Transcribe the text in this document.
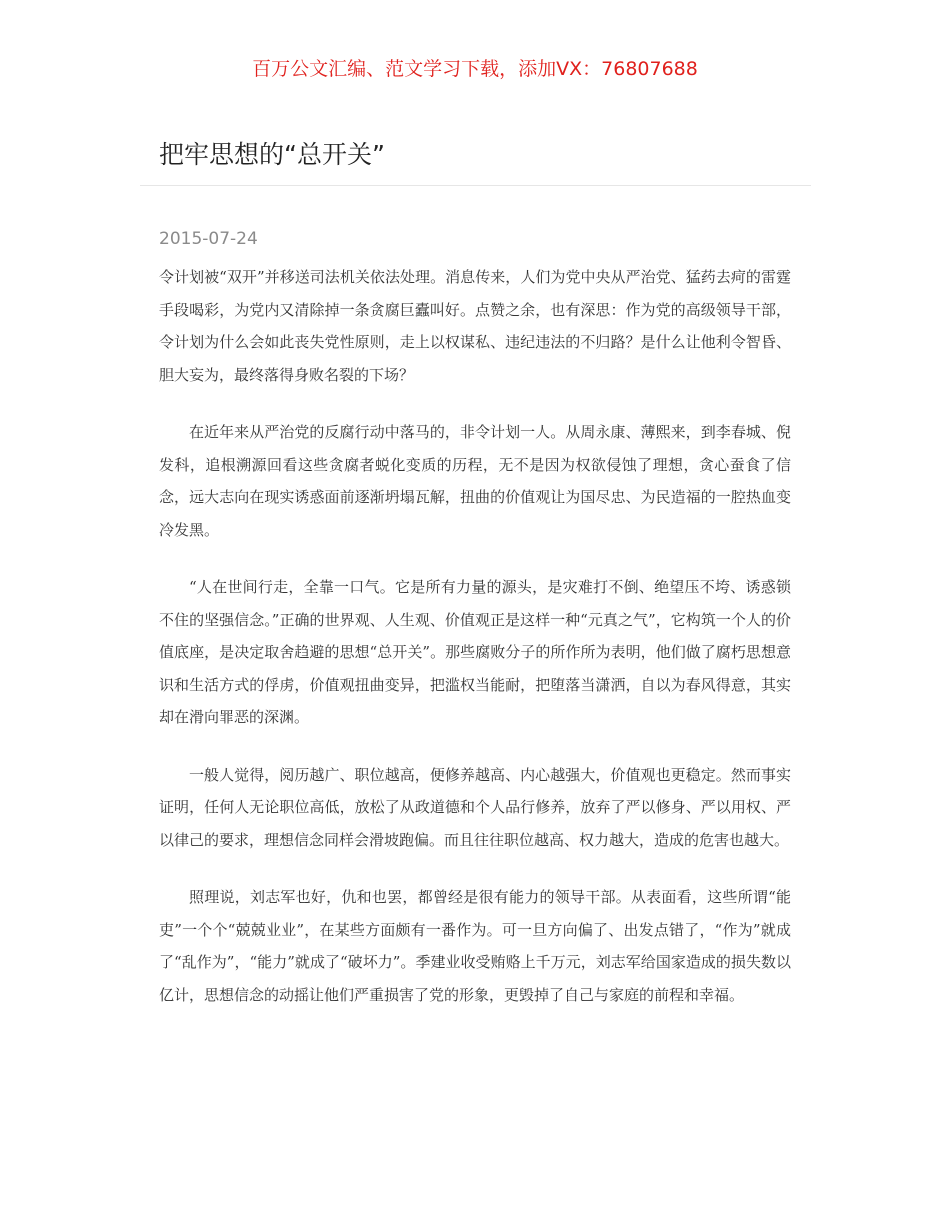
百万公文汇编、范文学习下载，添加VX：76807688
把牢思想的“总开关”
2015-07-24

令计划被“双开”并移送司法机关依法处理。消息传来，人们为党中央从严治党、猛药去疴的雷霆手段喝彩，为党内又清除掉一条贪腐巨蠹叫好。点赞之余，也有深思：作为党的高级领导干部，令计划为什么会如此丧失党性原则，走上以权谋私、违纪违法的不归路？是什么让他利令智昏、胆大妄为，最终落得身败名裂的下场？

在近年来从严治党的反腐行动中落马的，非令计划一人。从周永康、薄熙来，到李春城、倪发科，追根溯源回看这些贪腐者蜕化变质的历程，无不是因为权欲侵蚀了理想，贪心蚕食了信念，远大志向在现实诱惑面前逐渐坍塌瓦解，扭曲的价值观让为国尽忠、为民造福的一腔热血变冷发黑。

“人在世间行走，全靠一口气。它是所有力量的源头，是灾难打不倒、绝望压不垮、诱惑锁不住的坚强信念。”正确的世界观、人生观、价值观正是这样一种“元真之气”，它构筑一个人的价值底座，是决定取舍趋避的思想“总开关”。那些腐败分子的所作所为表明，他们做了腐朽思想意识和生活方式的俘虏，价值观扭曲变异，把滥权当能耐，把堕落当潇洒，自以为春风得意，其实却在滑向罪恶的深渊。

一般人觉得，阅历越广、职位越高，便修养越高、内心越强大，价值观也更稳定。然而事实证明，任何人无论职位高低，放松了从政道德和个人品行修养，放弃了严以修身、严以用权、严以律己的要求，理想信念同样会滑坡跑偏。而且往往职位越高、权力越大，造成的危害也越大。

照理说，刘志军也好，仇和也罢，都曾经是很有能力的领导干部。从表面看，这些所谓“能吏”一个个“兢兢业业”，在某些方面颇有一番作为。可一旦方向偏了、出发点错了，“作为”就成了“乱作为”，“能力”就成了“破坏力”。季建业收受贿赂上千万元，刘志军给国家造成的损失数以亿计，思想信念的动摇让他们严重损害了党的形象，更毁掉了自己与家庭的前程和幸福。
